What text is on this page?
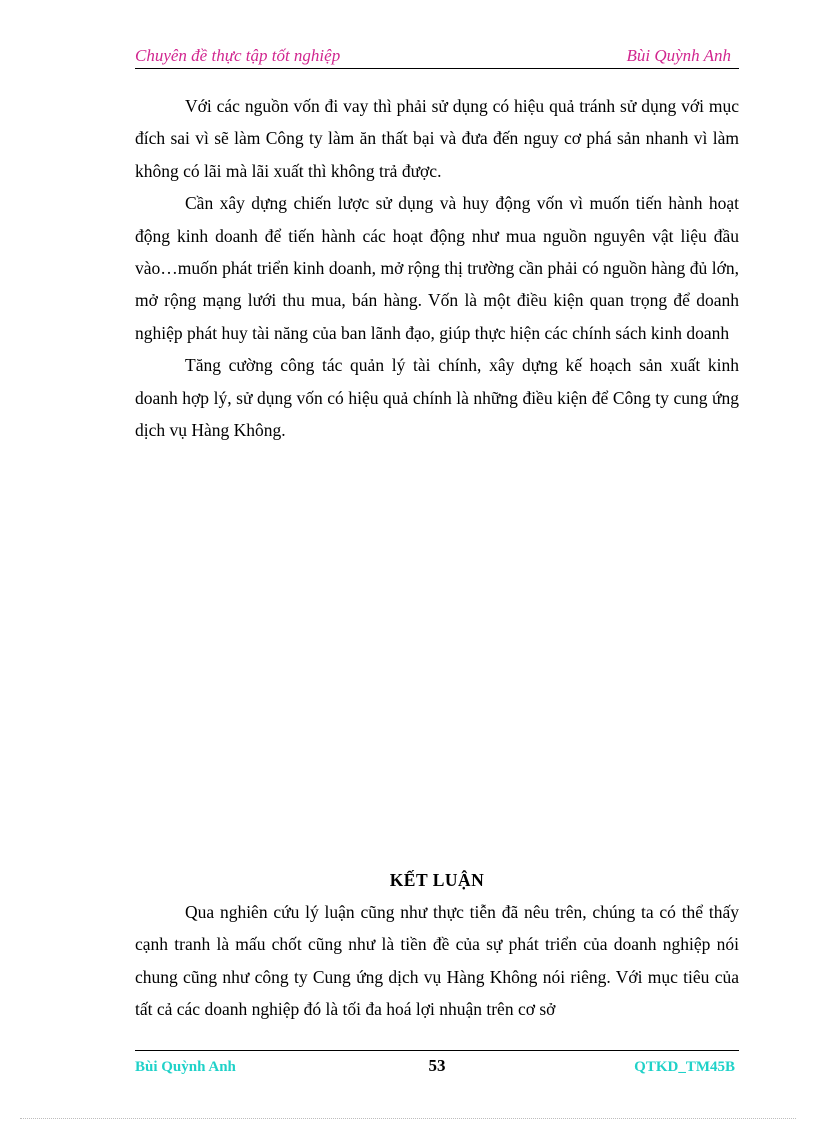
Chuyên đề thực tập tốt nghiệp	Bùi Quỳnh Anh

Với các nguồn vốn đi vay thì phải sử dụng có hiệu quả tránh sử dụng với mục đích sai vì sẽ làm Công ty làm ăn thất bại và đưa đến nguy cơ phá sản nhanh vì làm không có lãi mà lãi xuất thì không trả được.

Cần xây dựng chiến lược sử dụng và huy động vốn vì muốn tiến hành hoạt động kinh doanh để tiến hành các hoạt động như mua nguồn nguyên vật liệu đầu vào…muốn phát triển kinh doanh, mở rộng thị trường cần phải có nguồn hàng đủ lớn, mở rộng mạng lưới thu mua, bán hàng. Vốn là một điều kiện quan trọng để doanh nghiệp phát huy tài năng của ban lãnh đạo, giúp thực hiện các chính sách kinh doanh

Tăng cường công tác quản lý tài chính, xây dựng kế hoạch sản xuất kinh doanh hợp lý, sử dụng vốn có hiệu quả chính là những điều kiện để Công ty cung ứng dịch vụ Hàng Không.

KẾT LUẬN

Qua nghiên cứu lý luận cũng như thực tiễn đã nêu trên, chúng ta có thể thấy cạnh tranh là mấu chốt cũng như là tiền đề của sự phát triển của doanh nghiệp nói chung cũng như công ty Cung ứng dịch vụ Hàng Không nói riêng. Với mục tiêu của tất cả các doanh nghiệp đó là tối đa hoá lợi nhuận trên cơ sở

Bùi Quỳnh Anh	53	QTKD_TM45B
